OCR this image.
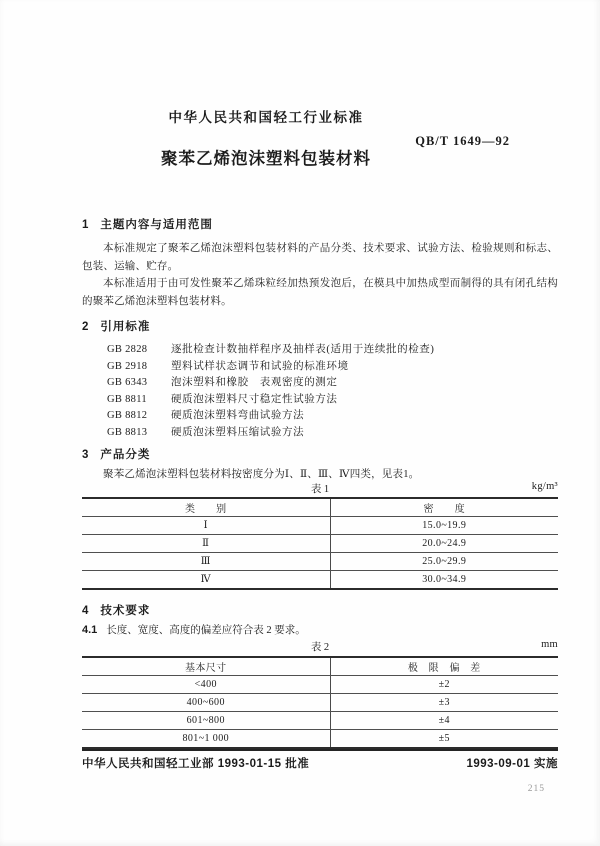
中华人民共和国轻工行业标准
QB/T 1649—92
聚苯乙烯泡沫塑料包装材料
1 主题内容与适用范围

本标准规定了聚苯乙烯泡沫塑料包装材料的产品分类、技术要求、试验方法、检验规则和标志、包装、运输、贮存。

本标准适用于由可发性聚苯乙烯珠粒经加热预发泡后，在模具中加热成型而制得的具有闭孔结构的聚苯乙烯泡沫塑料包装材料。

2 引用标准
GB 2828 逐批检查计数抽样程序及抽样表(适用于连续批的检查)
GB 2918 塑料试样状态调节和试验的标准环境
GB 6343 泡沫塑料和橡胶　表观密度的测定
GB 8811 硬质泡沫塑料尺寸稳定性试验方法
GB 8812 硬质泡沫塑料弯曲试验方法
GB 8813 硬质泡沫塑料压缩试验方法
3 产品分类

聚苯乙烯泡沫塑料包装材料按密度分为Ⅰ、Ⅱ、Ⅲ、Ⅳ四类，见表1。

表 1	kg/m³
类　　别	密　　度
Ⅰ	15.0~19.9
Ⅱ	20.0~24.9
Ⅲ	25.0~29.9
Ⅳ	30.0~34.9
4 技术要求
4.1 长度、宽度、高度的偏差应符合表 2 要求。
表 2	mm
基本尺寸	极　限　偏　差
<400	±2
400~600	±3
601~800	±4
801~1 000	±5
中华人民共和国轻工业部 1993-01-15 批准	1993-09-01 实施
215
